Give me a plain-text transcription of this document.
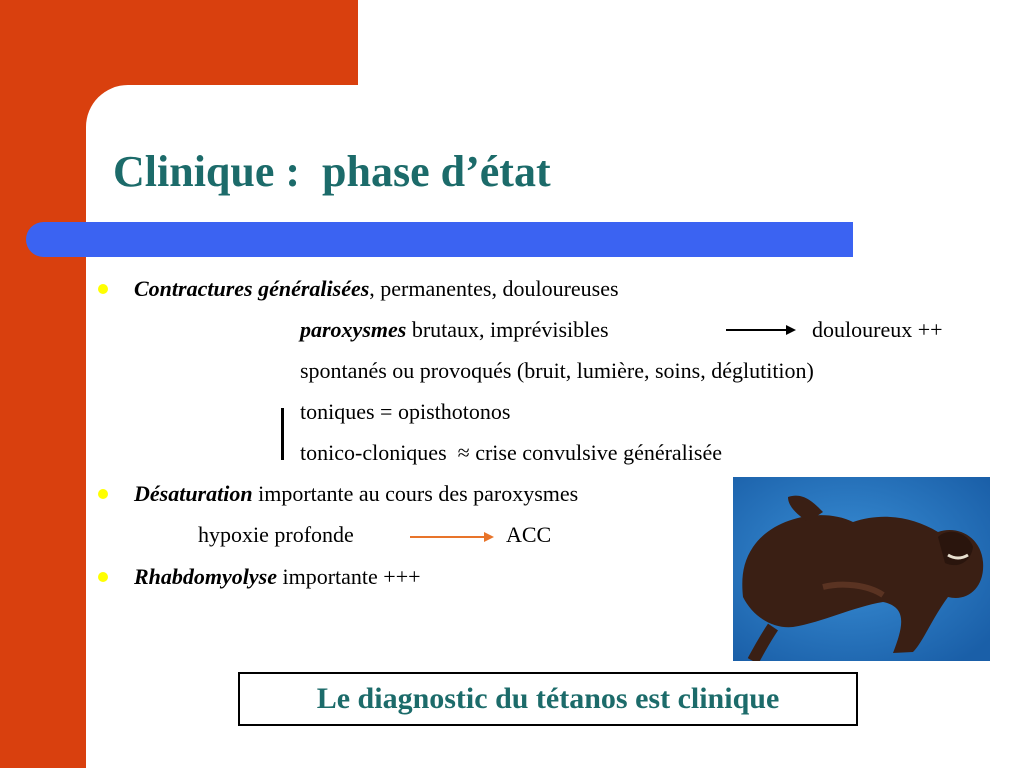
Clinique :  phase d’état
Contractures généralisées, permanentes, douloureuses
paroxysmes brutaux, imprévisibles	douloureux ++
spontanés ou provoqués (bruit, lumière, soins, déglutition)
toniques = opisthotonos
tonico-cloniques ≈ crise convulsive généralisée
Désaturation importante au cours des paroxysmes
hypoxie profonde	ACC
Rhabdomyolyse importante +++
Le diagnostic du tétanos est clinique
